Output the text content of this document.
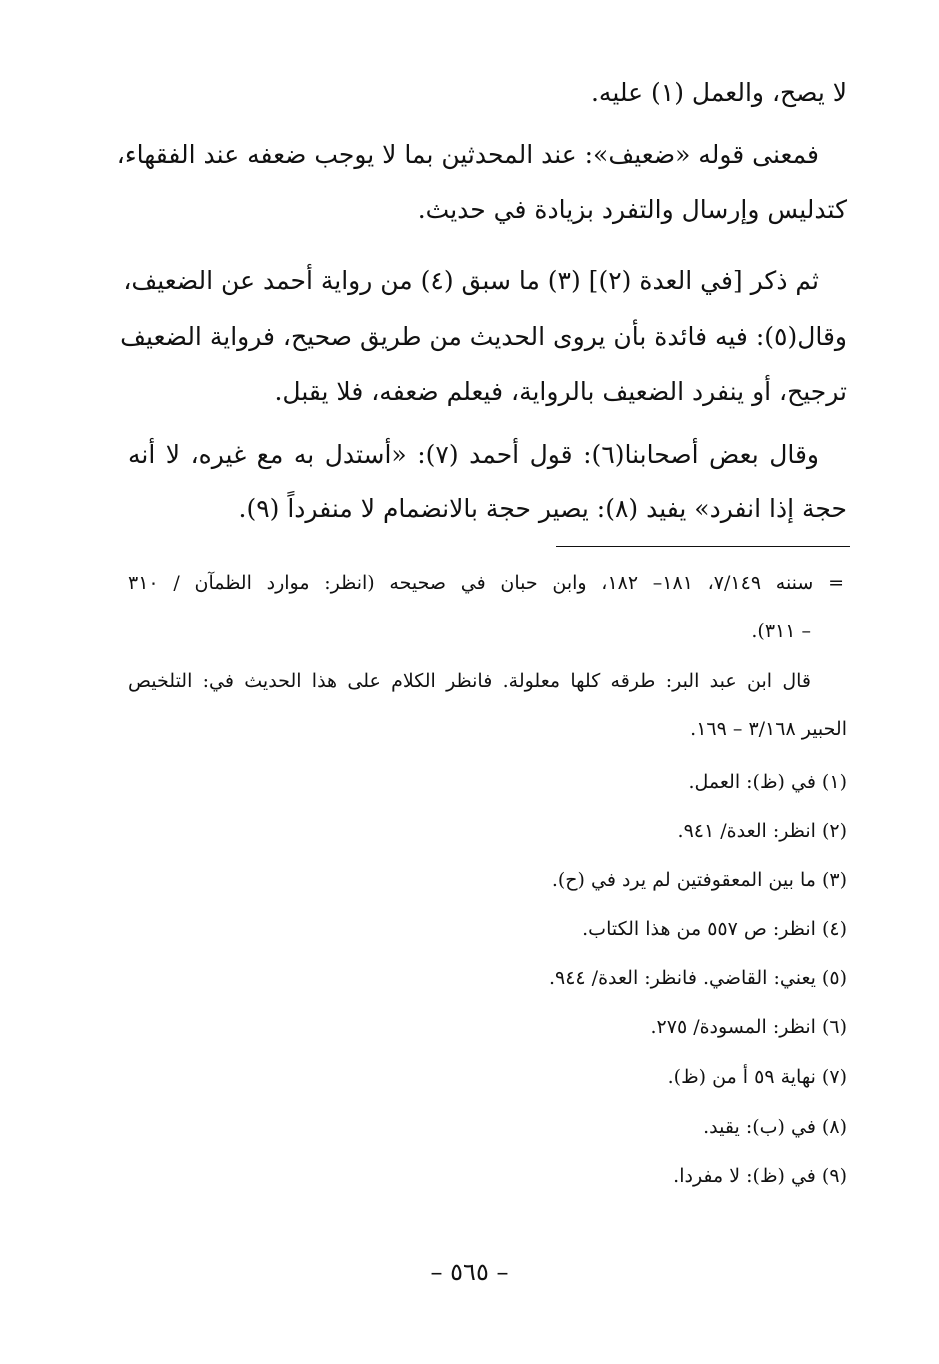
لا يصح، والعمل (١) عليه.
فمعنى قوله «ضعيف»: عند المحدثين بما لا يوجب ضعفه عند الفقهاء،
كتدليس وإرسال والتفرد بزيادة في حديث.
ثم ذكر [في العدة (٢)] (٣) ما سبق (٤) من رواية أحمد عن الضعيف،
وقال(٥): فيه فائدة بأن يروى الحديث من طريق صحيح، فرواية الضعيف
ترجيح، أو ينفرد الضعيف بالرواية، فيعلم ضعفه، فلا يقبل.
وقال بعض أصحابنا(٦): قول أحمد (٧): «أستدل به مع غيره، لا أنه
حجة إذا انفرد» يفيد (٨): يصير حجة بالانضمام لا منفرداً (٩).
= سننه ٧/١٤٩، ١٨١– ١٨٢، وابن حبان في صحيحه (انظر: موارد الظمآن / ٣١٠
– ٣١١).
قال ابن عبد البر: طرقه كلها معلولة. فانظر الكلام على هذا الحديث في: التلخيص
الحبير ٣/١٦٨ – ١٦٩.
(١) في (ظ): العمل.
(٢) انظر: العدة/ ٩٤١.
(٣) ما بين المعقوفتين لم يرد في (ح).
(٤) انظر: ص ٥٥٧ من هذا الكتاب.
(٥) يعني: القاضي. فانظر: العدة/ ٩٤٤.
(٦) انظر: المسودة/ ٢٧٥.
(٧) نهاية ٥٩ أ من (ظ).
(٨) في (ب): يقيد.
(٩) في (ظ): لا مفردا.
– ٥٦٥ –
